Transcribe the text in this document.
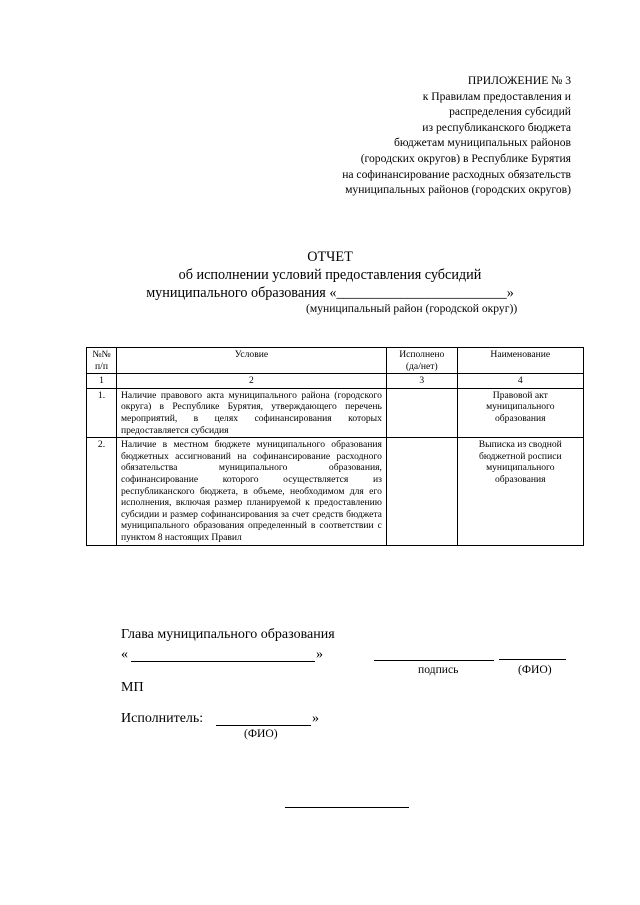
ПРИЛОЖЕНИЕ № 3
к Правилам предоставления и
распределения субсидий
из республиканского бюджета
бюджетам муниципальных районов
(городских округов) в Республике Бурятия
на софинансирование расходных обязательств
муниципальных районов (городских округов)
ОТЧЕТ
об исполнении условий предоставления субсидий
муниципального образования «________________________»
(муниципальный район (городской округ))
№№ п/п	Условие	Исполнено (да/нет)	Наименование
1	2	3	4
1.	Наличие правового акта муниципального района (городского округа) в Республике Бурятия, утверждающего перечень мероприятий, в целях софинансирования которых предоставляется субсидия		Правовой акт муниципального образования
2.	Наличие в местном бюджете муниципального образования бюджетных ассигнований на софинансирование расходного обязательства муниципального образования, софинансирование которого осуществляется из республиканского бюджета, в объеме, необходимом для его исполнения, включая размер планируемой к предоставлению субсидии и размер софинансирования за счет средств бюджета муниципального образования определенный в соответствии с пунктом 8 настоящих Правил		Выписка из сводной бюджетной росписи муниципального образования
Глава муниципального образования
«	»
подпись	(ФИО)
МП
Исполнитель:	»
(ФИО)
